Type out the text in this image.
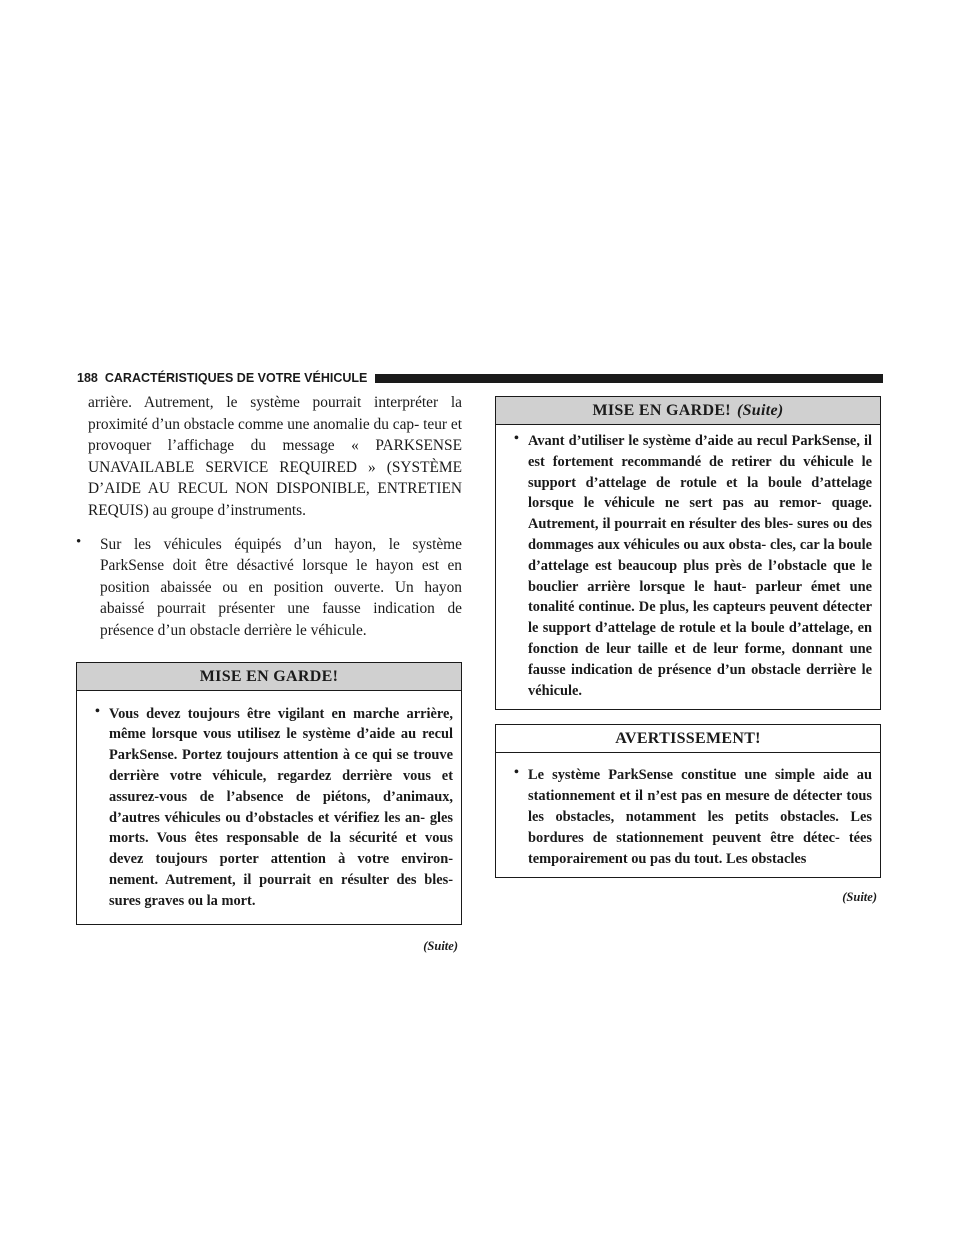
188 CARACTÉRISTIQUES DE VOTRE VÉHICULE

arrière. Autrement, le système pourrait interpréter la proximité d’un obstacle comme une anomalie du cap- teur et provoquer l’affichage du message « PARKSENSE UNAVAILABLE SERVICE REQUIRED » (SYSTÈME D’AIDE AU RECUL NON DISPONIBLE, ENTRETIEN REQUIS) au groupe d’instruments.

•	Sur les véhicules équipés d’un hayon, le système ParkSense doit être désactivé lorsque le hayon est en position abaissée ou en position ouverte. Un hayon abaissé pourrait présenter une fausse indication de présence d’un obstacle derrière le véhicule.
MISE EN GARDE!
• Vous devez toujours être vigilant en marche arrière, même lorsque vous utilisez le système d’aide au recul ParkSense. Portez toujours attention à ce qui se trouve derrière votre véhicule, regardez derrière vous et assurez-vous de l’absence de piétons, d’animaux, d’autres véhicules ou d’obstacles et vérifiez les an- gles morts. Vous êtes responsable de la sécurité et vous devez toujours porter attention à votre environ- nement. Autrement, il pourrait en résulter des bles- sures graves ou la mort.
(Suite)
MISE EN GARDE! (Suite)
• Avant d’utiliser le système d’aide au recul ParkSense, il est fortement recommandé de retirer du véhicule le support d’attelage de rotule et la boule d’attelage lorsque le véhicule ne sert pas au remor- quage. Autrement, il pourrait en résulter des bles- sures ou des dommages aux véhicules ou aux obsta- cles, car la boule d’attelage est beaucoup plus près de l’obstacle que le bouclier arrière lorsque le haut- parleur émet une tonalité continue. De plus, les capteurs peuvent détecter le support d’attelage de rotule et la boule d’attelage, en fonction de leur taille et de leur forme, donnant une fausse indication de présence d’un obstacle derrière le véhicule.
AVERTISSEMENT!
• Le système ParkSense constitue une simple aide au stationnement et il n’est pas en mesure de détecter tous les obstacles, notamment les petits obstacles. Les bordures de stationnement peuvent être détec- tées temporairement ou pas du tout. Les obstacles
(Suite)
